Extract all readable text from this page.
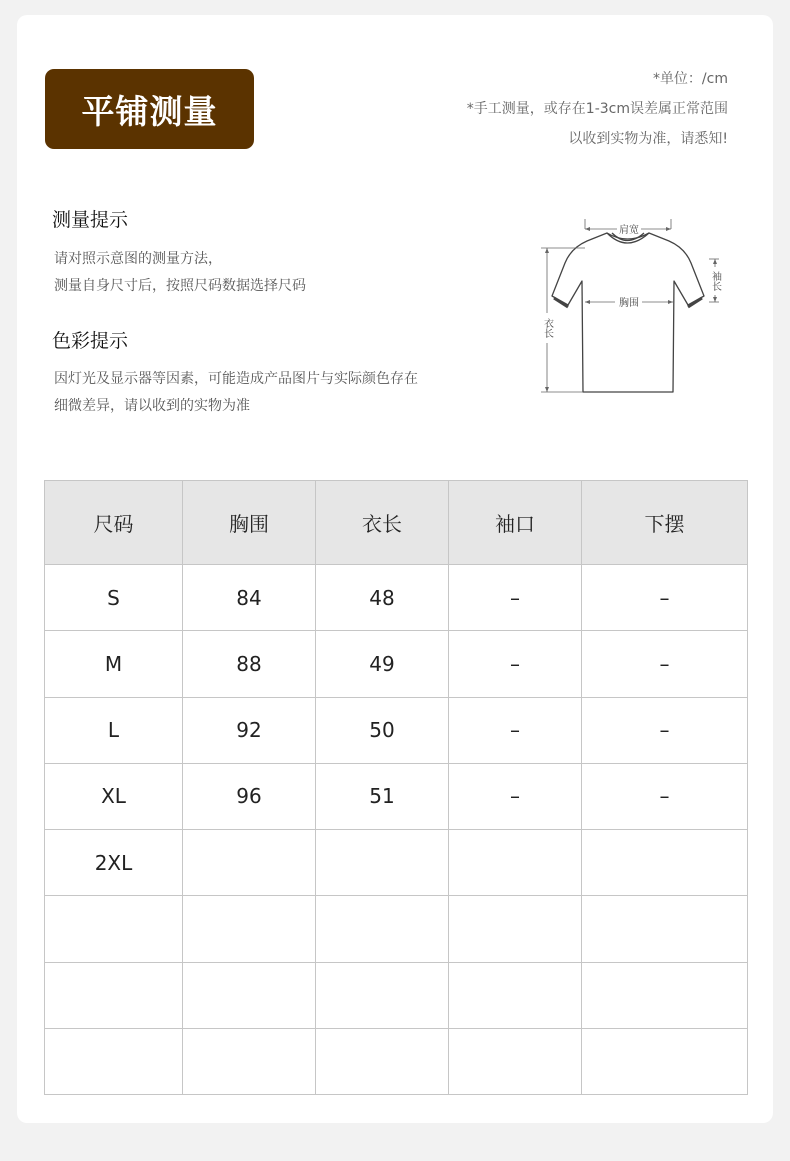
平铺测量
*单位：/cm
*手工测量，或存在1-3cm误差属正常范围
以收到实物为准，请悉知!
测量提示
请对照示意图的测量方法，
测量自身尺寸后，按照尺码数据选择尺码
色彩提示
因灯光及显示器等因素，可能造成产品图片与实际颜色存在
细微差异，请以收到的实物为准
肩宽
胸围
衣长
袖长
尺码	胸围	衣长	袖口	下摆
S	84	48	–	–
M	88	49	–	–
L	92	50	–	–
XL	96	51	–	–
2XL				
